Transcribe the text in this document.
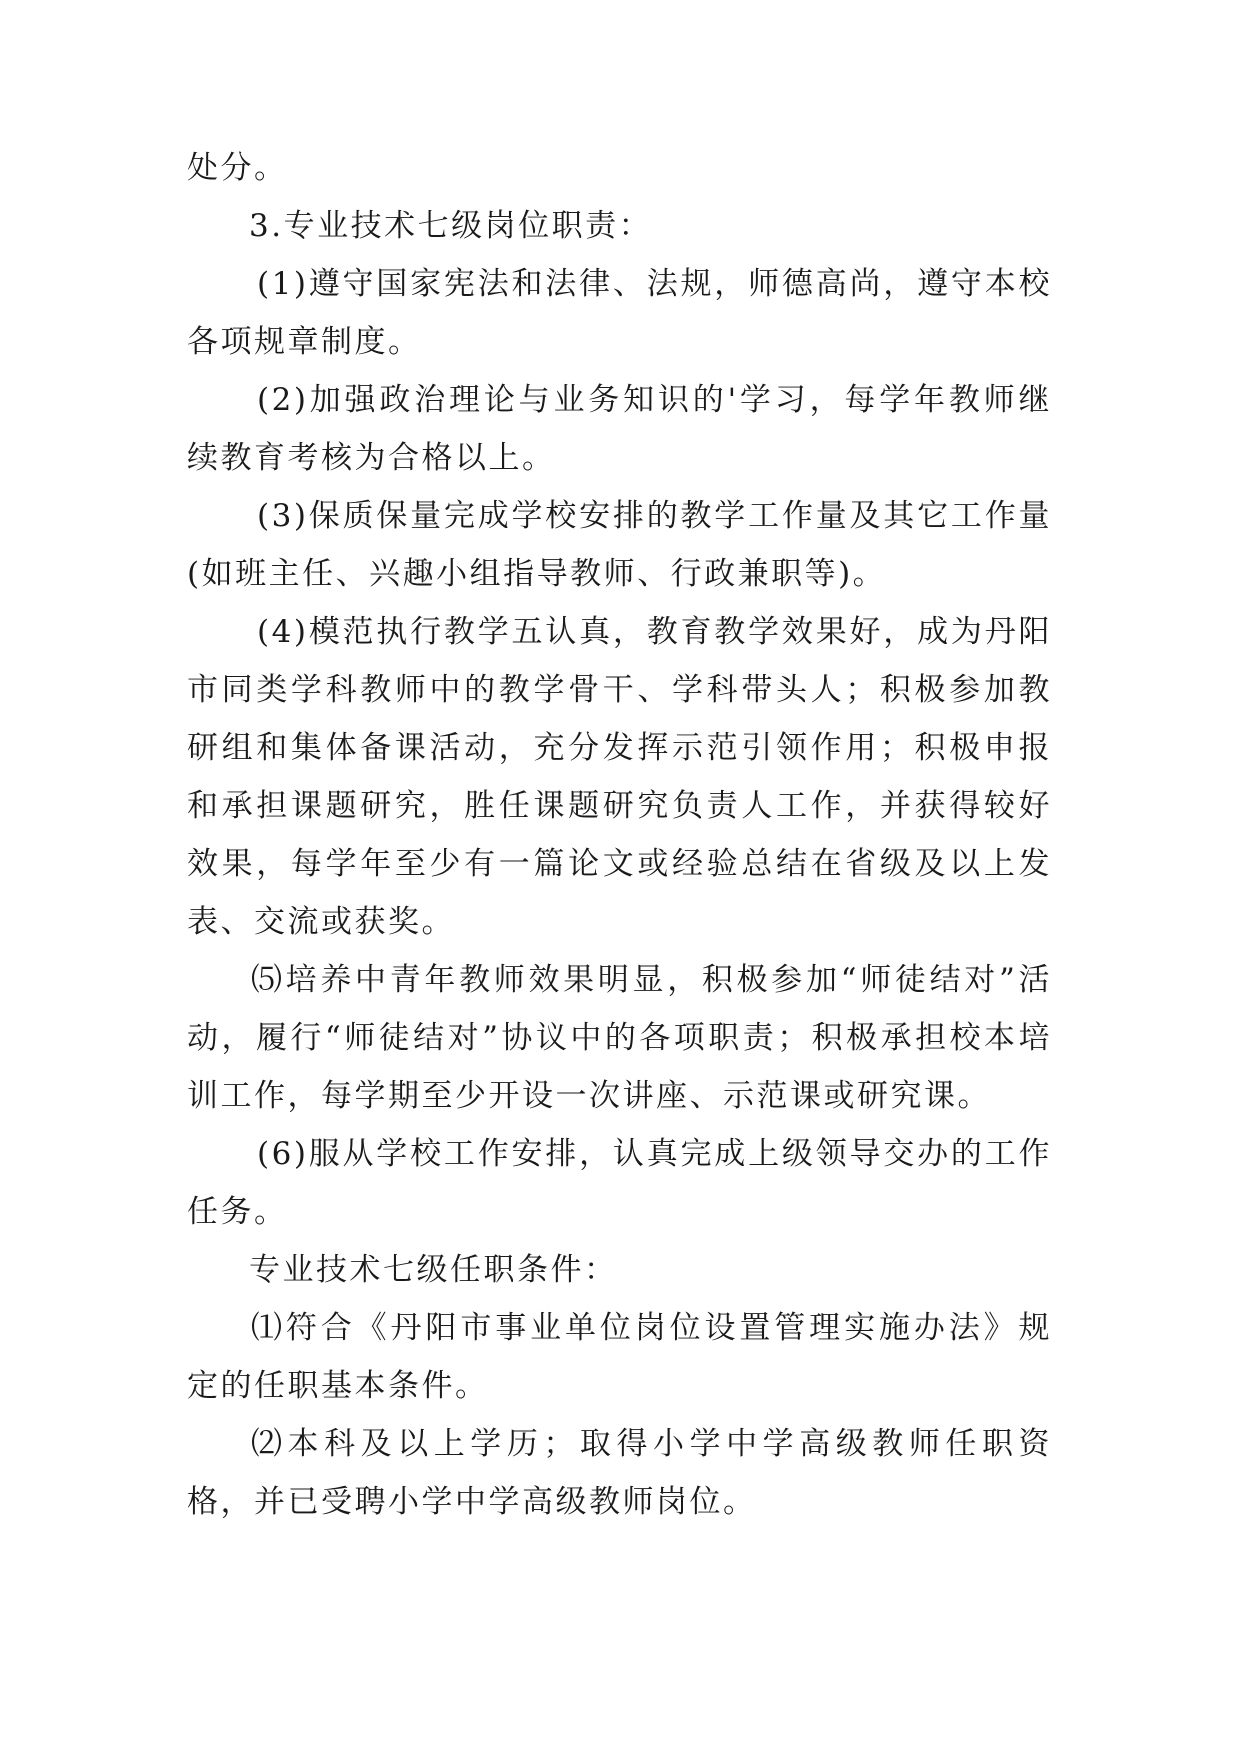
处分。

3.专业技术七级岗位职责：

(1)遵守国家宪法和法律、法规，师德高尚，遵守本校各项规章制度。

(2)加强政治理论与业务知识的'学习，每学年教师继续教育考核为合格以上。

(3)保质保量完成学校安排的教学工作量及其它工作量(如班主任、兴趣小组指导教师、行政兼职等)。

(4)模范执行教学五认真，教育教学效果好，成为丹阳市同类学科教师中的教学骨干、学科带头人；积极参加教研组和集体备课活动，充分发挥示范引领作用；积极申报和承担课题研究，胜任课题研究负责人工作，并获得较好效果，每学年至少有一篇论文或经验总结在省级及以上发表、交流或获奖。

⑸培养中青年教师效果明显，积极参加“师徒结对”活动，履行“师徒结对”协议中的各项职责；积极承担校本培训工作，每学期至少开设一次讲座、示范课或研究课。

(6)服从学校工作安排，认真完成上级领导交办的工作任务。

专业技术七级任职条件：

⑴符合《丹阳市事业单位岗位设置管理实施办法》规定的任职基本条件。

⑵本科及以上学历；取得小学中学高级教师任职资格，并已受聘小学中学高级教师岗位。
